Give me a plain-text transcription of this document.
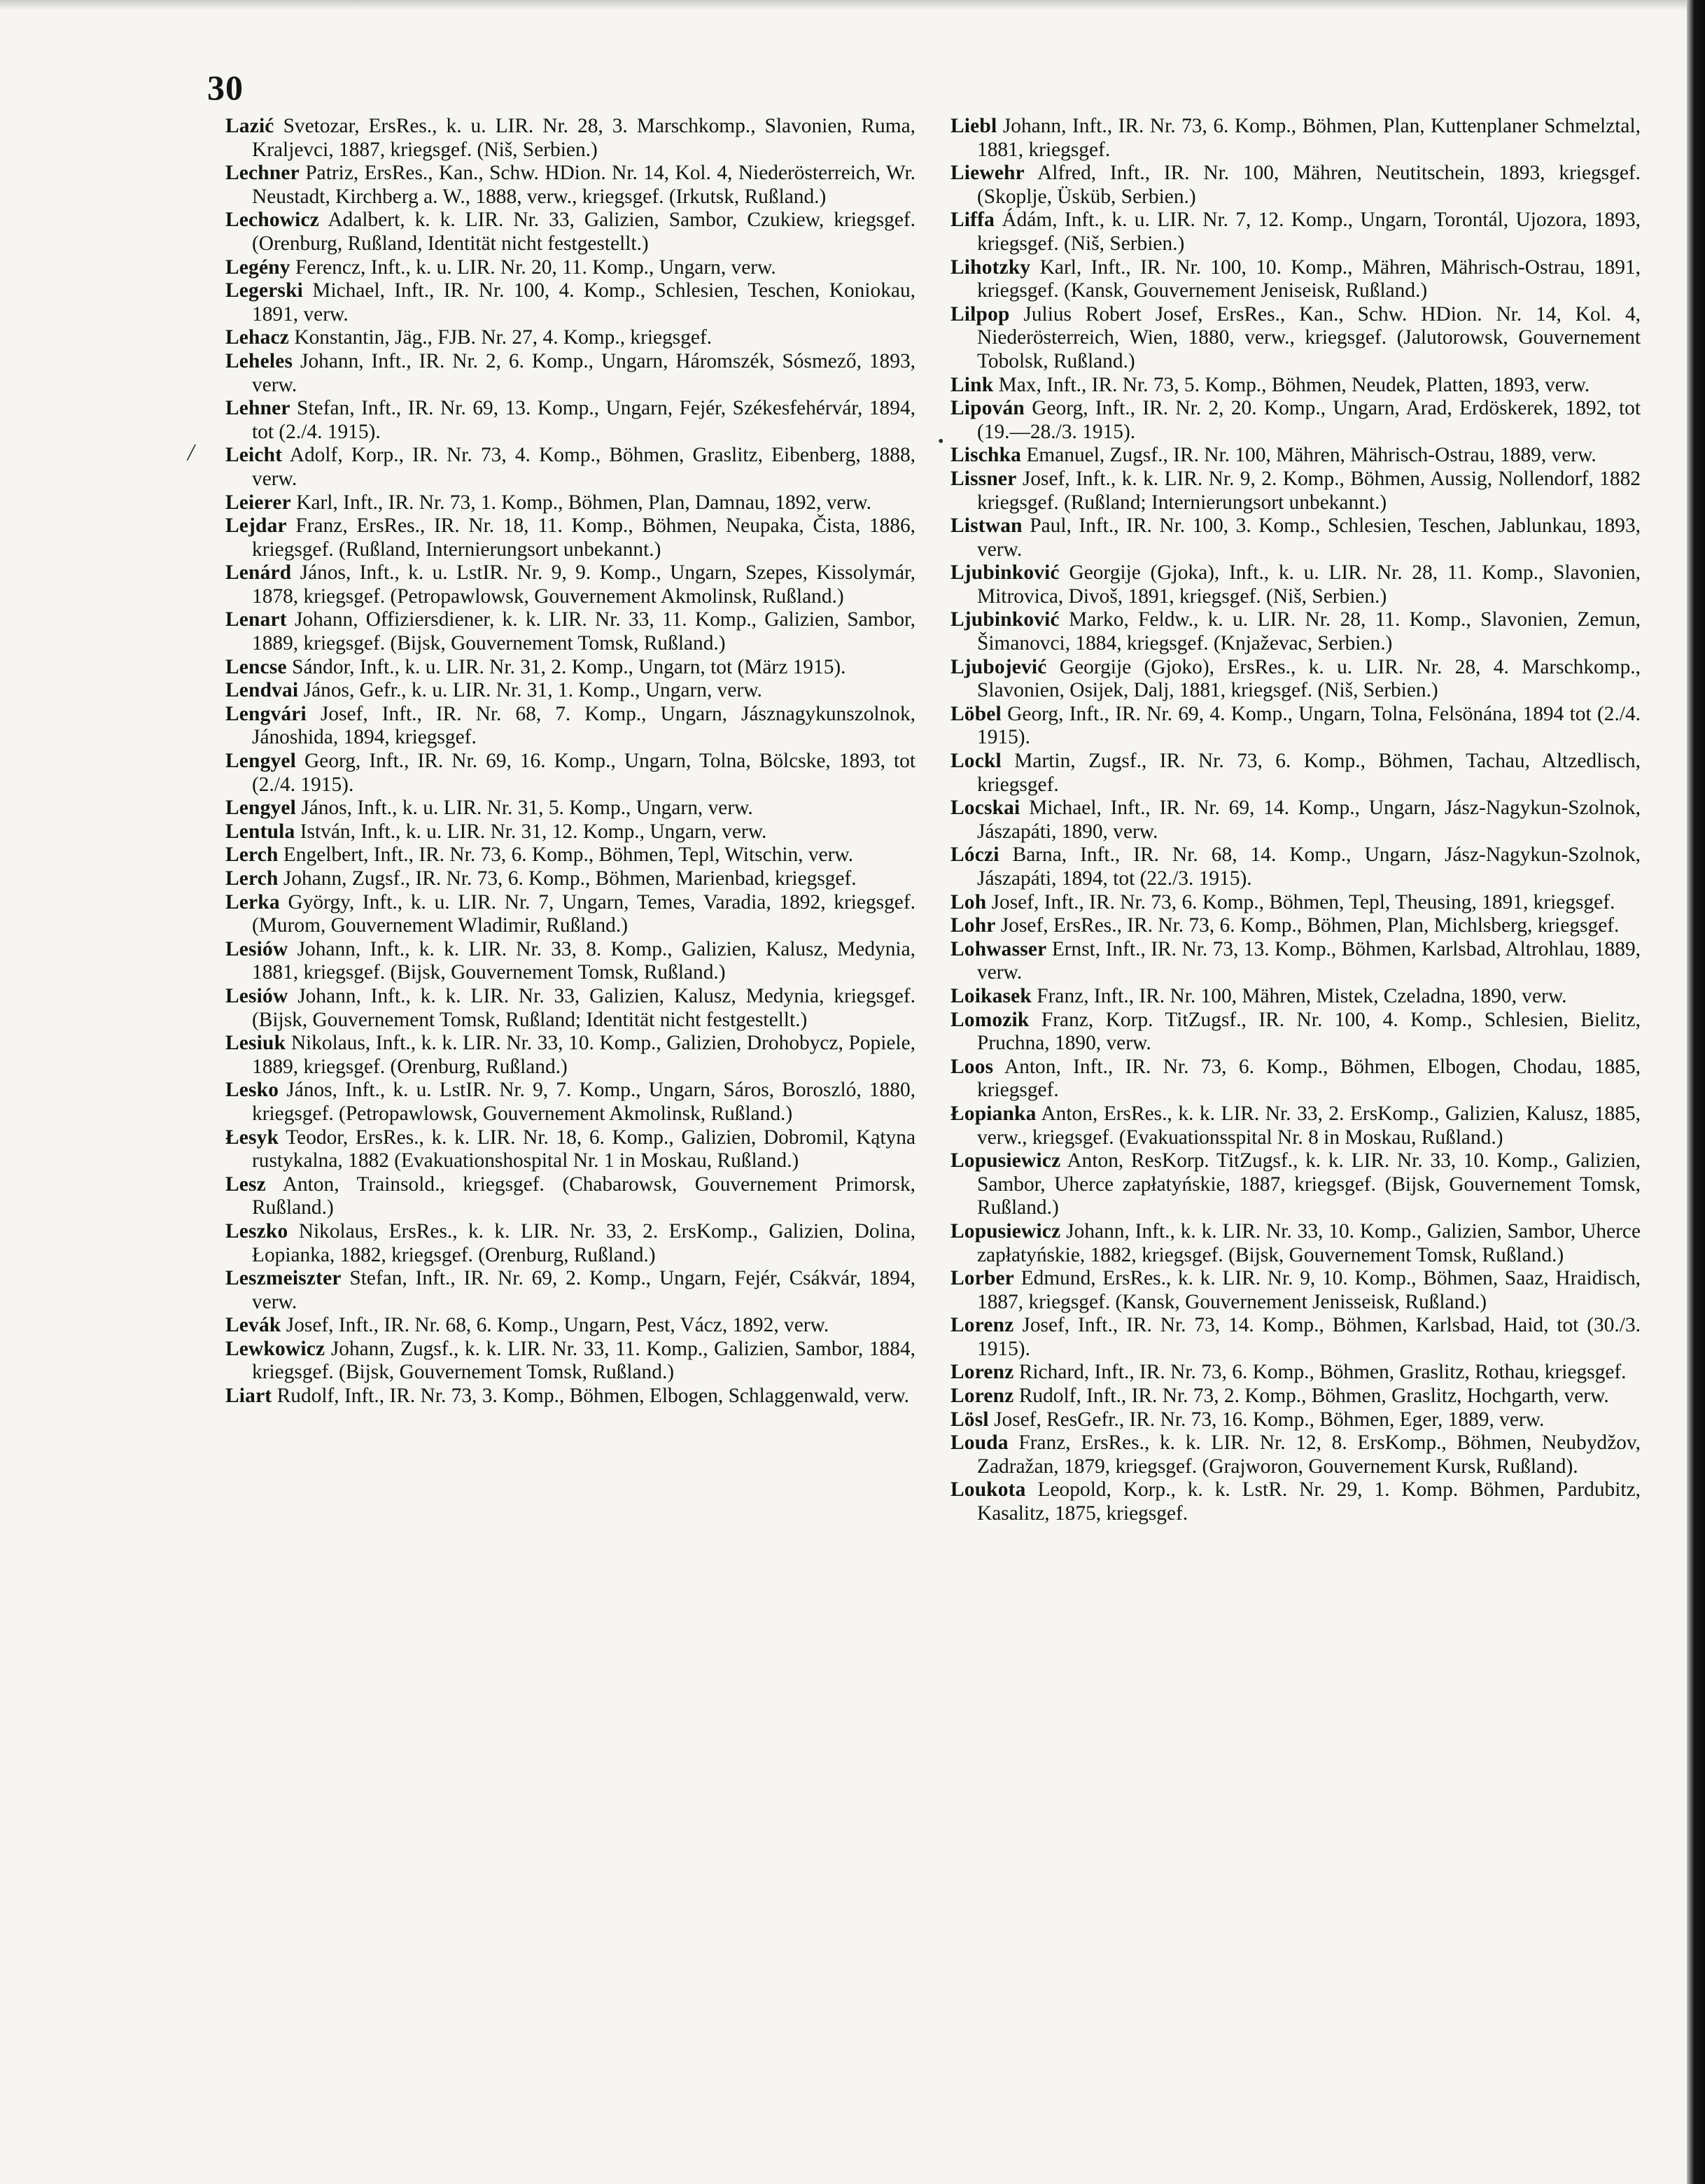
30
/	•

Lazić Svetozar, ErsRes., k. u. LIR. Nr. 28, 3. Marschkomp., Slavonien, Ruma, Kraljevci, 1887, kriegsgef. (Niš, Serbien.)

Lechner Patriz, ErsRes., Kan., Schw. HDion. Nr. 14, Kol. 4, Niederösterreich, Wr. Neustadt, Kirchberg a. W., 1888, verw., kriegsgef. (Irkutsk, Rußland.)

Lechowicz Adalbert, k. k. LIR. Nr. 33, Galizien, Sambor, Czukiew, kriegsgef. (Orenburg, Rußland, Identität nicht festgestellt.)

Legény Ferencz, Inft., k. u. LIR. Nr. 20, 11. Komp., Ungarn, verw.

Legerski Michael, Inft., IR. Nr. 100, 4. Komp., Schlesien, Teschen, Koniokau, 1891, verw.

Lehacz Konstantin, Jäg., FJB. Nr. 27, 4. Komp., kriegsgef.

Leheles Johann, Inft., IR. Nr. 2, 6. Komp., Ungarn, Háromszék, Sósmező, 1893, verw.

Lehner Stefan, Inft., IR. Nr. 69, 13. Komp., Ungarn, Fejér, Székesfehérvár, 1894, tot (2./4. 1915).

Leicht Adolf, Korp., IR. Nr. 73, 4. Komp., Böhmen, Graslitz, Eibenberg, 1888, verw.

Leierer Karl, Inft., IR. Nr. 73, 1. Komp., Böhmen, Plan, Damnau, 1892, verw.

Lejdar Franz, ErsRes., IR. Nr. 18, 11. Komp., Böhmen, Neupaka, Čista, 1886, kriegsgef. (Rußland, Internierungsort unbekannt.)

Lenárd János, Inft., k. u. LstIR. Nr. 9, 9. Komp., Ungarn, Szepes, Kissolymár, 1878, kriegsgef. (Petropawlowsk, Gouvernement Akmolinsk, Rußland.)

Lenart Johann, Offiziersdiener, k. k. LIR. Nr. 33, 11. Komp., Galizien, Sambor, 1889, kriegsgef. (Bijsk, Gouvernement Tomsk, Rußland.)

Lencse Sándor, Inft., k. u. LIR. Nr. 31, 2. Komp., Ungarn, tot (März 1915).

Lendvai János, Gefr., k. u. LIR. Nr. 31, 1. Komp., Ungarn, verw.

Lengvári Josef, Inft., IR. Nr. 68, 7. Komp., Ungarn, Jásznagykunszolnok, Jánoshida, 1894, kriegsgef.

Lengyel Georg, Inft., IR. Nr. 69, 16. Komp., Ungarn, Tolna, Bölcske, 1893, tot (2./4. 1915).

Lengyel János, Inft., k. u. LIR. Nr. 31, 5. Komp., Ungarn, verw.

Lentula István, Inft., k. u. LIR. Nr. 31, 12. Komp., Ungarn, verw.

Lerch Engelbert, Inft., IR. Nr. 73, 6. Komp., Böhmen, Tepl, Witschin, verw.

Lerch Johann, Zugsf., IR. Nr. 73, 6. Komp., Böhmen, Marienbad, kriegsgef.

Lerka György, Inft., k. u. LIR. Nr. 7, Ungarn, Temes, Varadia, 1892, kriegsgef. (Murom, Gouvernement Wladimir, Rußland.)

Lesiów Johann, Inft., k. k. LIR. Nr. 33, 8. Komp., Galizien, Kalusz, Medynia, 1881, kriegsgef. (Bijsk, Gouvernement Tomsk, Rußland.)

Lesiów Johann, Inft., k. k. LIR. Nr. 33, Galizien, Kalusz, Medynia, kriegsgef. (Bijsk, Gouvernement Tomsk, Rußland; Identität nicht festgestellt.)

Lesiuk Nikolaus, Inft., k. k. LIR. Nr. 33, 10. Komp., Galizien, Drohobycz, Popiele, 1889, kriegsgef. (Orenburg, Rußland.)

Lesko János, Inft., k. u. LstIR. Nr. 9, 7. Komp., Ungarn, Sáros, Boroszló, 1880, kriegsgef. (Petropawlowsk, Gouvernement Akmolinsk, Rußland.)

Łesyk Teodor, ErsRes., k. k. LIR. Nr. 18, 6. Komp., Galizien, Dobromil, Kątyna rustykalna, 1882 (Evakuationshospital Nr. 1 in Moskau, Rußland.)

Lesz Anton, Trainsold., kriegsgef. (Chabarowsk, Gouvernement Primorsk, Rußland.)

Leszko Nikolaus, ErsRes., k. k. LIR. Nr. 33, 2. ErsKomp., Galizien, Dolina, Łopianka, 1882, kriegsgef. (Orenburg, Rußland.)

Leszmeiszter Stefan, Inft., IR. Nr. 69, 2. Komp., Ungarn, Fejér, Csákvár, 1894, verw.

Levák Josef, Inft., IR. Nr. 68, 6. Komp., Ungarn, Pest, Vácz, 1892, verw.

Lewkowicz Johann, Zugsf., k. k. LIR. Nr. 33, 11. Komp., Galizien, Sambor, 1884, kriegsgef. (Bijsk, Gouvernement Tomsk, Rußland.)

Liart Rudolf, Inft., IR. Nr. 73, 3. Komp., Böhmen, Elbogen, Schlaggenwald, verw.

Liebl Johann, Inft., IR. Nr. 73, 6. Komp., Böhmen, Plan, Kuttenplaner Schmelztal, 1881, kriegsgef.

Liewehr Alfred, Inft., IR. Nr. 100, Mähren, Neutitschein, 1893, kriegsgef. (Skoplje, Üsküb, Serbien.)

Liffa Ádám, Inft., k. u. LIR. Nr. 7, 12. Komp., Ungarn, Torontál, Ujozora, 1893, kriegsgef. (Niš, Serbien.)

Lihotzky Karl, Inft., IR. Nr. 100, 10. Komp., Mähren, Mährisch-Ostrau, 1891, kriegsgef. (Kansk, Gouvernement Jeniseisk, Rußland.)

Lilpop Julius Robert Josef, ErsRes., Kan., Schw. HDion. Nr. 14, Kol. 4, Niederösterreich, Wien, 1880, verw., kriegsgef. (Jalutorowsk, Gouvernement Tobolsk, Rußland.)

Link Max, Inft., IR. Nr. 73, 5. Komp., Böhmen, Neudek, Platten, 1893, verw.

Lipován Georg, Inft., IR. Nr. 2, 20. Komp., Ungarn, Arad, Erdöskerek, 1892, tot (19.—28./3. 1915).

Lischka Emanuel, Zugsf., IR. Nr. 100, Mähren, Mährisch-Ostrau, 1889, verw.

Lissner Josef, Inft., k. k. LIR. Nr. 9, 2. Komp., Böhmen, Aussig, Nollendorf, 1882 kriegsgef. (Rußland; Internierungsort unbekannt.)

Listwan Paul, Inft., IR. Nr. 100, 3. Komp., Schlesien, Teschen, Jablunkau, 1893, verw.

Ljubinković Georgije (Gjoka), Inft., k. u. LIR. Nr. 28, 11. Komp., Slavonien, Mitrovica, Divoš, 1891, kriegsgef. (Niš, Serbien.)

Ljubinković Marko, Feldw., k. u. LIR. Nr. 28, 11. Komp., Slavonien, Zemun, Šimanovci, 1884, kriegsgef. (Knjaževac, Serbien.)

Ljubojević Georgije (Gjoko), ErsRes., k. u. LIR. Nr. 28, 4. Marschkomp., Slavonien, Osijek, Dalj, 1881, kriegsgef. (Niš, Serbien.)

Löbel Georg, Inft., IR. Nr. 69, 4. Komp., Ungarn, Tolna, Felsönána, 1894 tot (2./4. 1915).

Lockl Martin, Zugsf., IR. Nr. 73, 6. Komp., Böhmen, Tachau, Altzedlisch, kriegsgef.

Locskai Michael, Inft., IR. Nr. 69, 14. Komp., Ungarn, Jász-Nagykun-Szolnok, Jászapáti, 1890, verw.

Lóczi Barna, Inft., IR. Nr. 68, 14. Komp., Ungarn, Jász-Nagykun-Szolnok, Jászapáti, 1894, tot (22./3. 1915).

Loh Josef, Inft., IR. Nr. 73, 6. Komp., Böhmen, Tepl, Theusing, 1891, kriegsgef.

Lohr Josef, ErsRes., IR. Nr. 73, 6. Komp., Böhmen, Plan, Michlsberg, kriegsgef.

Lohwasser Ernst, Inft., IR. Nr. 73, 13. Komp., Böhmen, Karlsbad, Altrohlau, 1889, verw.

Loikasek Franz, Inft., IR. Nr. 100, Mähren, Mistek, Czeladna, 1890, verw.

Lomozik Franz, Korp. TitZugsf., IR. Nr. 100, 4. Komp., Schlesien, Bielitz, Pruchna, 1890, verw.

Loos Anton, Inft., IR. Nr. 73, 6. Komp., Böhmen, Elbogen, Chodau, 1885, kriegsgef.

Łopianka Anton, ErsRes., k. k. LIR. Nr. 33, 2. ErsKomp., Galizien, Kalusz, 1885, verw., kriegsgef. (Evakuationsspital Nr. 8 in Moskau, Rußland.)

Lopusiewicz Anton, ResKorp. TitZugsf., k. k. LIR. Nr. 33, 10. Komp., Galizien, Sambor, Uherce zapłatyńskie, 1887, kriegsgef. (Bijsk, Gouvernement Tomsk, Rußland.)

Lopusiewicz Johann, Inft., k. k. LIR. Nr. 33, 10. Komp., Galizien, Sambor, Uherce zapłatyńskie, 1882, kriegsgef. (Bijsk, Gouvernement Tomsk, Rußland.)

Lorber Edmund, ErsRes., k. k. LIR. Nr. 9, 10. Komp., Böhmen, Saaz, Hraidisch, 1887, kriegsgef. (Kansk, Gouvernement Jenisseisk, Rußland.)

Lorenz Josef, Inft., IR. Nr. 73, 14. Komp., Böhmen, Karlsbad, Haid, tot (30./3. 1915).

Lorenz Richard, Inft., IR. Nr. 73, 6. Komp., Böhmen, Graslitz, Rothau, kriegsgef.

Lorenz Rudolf, Inft., IR. Nr. 73, 2. Komp., Böhmen, Graslitz, Hochgarth, verw.

Lösl Josef, ResGefr., IR. Nr. 73, 16. Komp., Böhmen, Eger, 1889, verw.

Louda Franz, ErsRes., k. k. LIR. Nr. 12, 8. ErsKomp., Böhmen, Neubydžov, Zadražan, 1879, kriegsgef. (Grajworon, Gouvernement Kursk, Rußland).

Loukota Leopold, Korp., k. k. LstR. Nr. 29, 1. Komp. Böhmen, Pardubitz, Kasalitz, 1875, kriegsgef.
